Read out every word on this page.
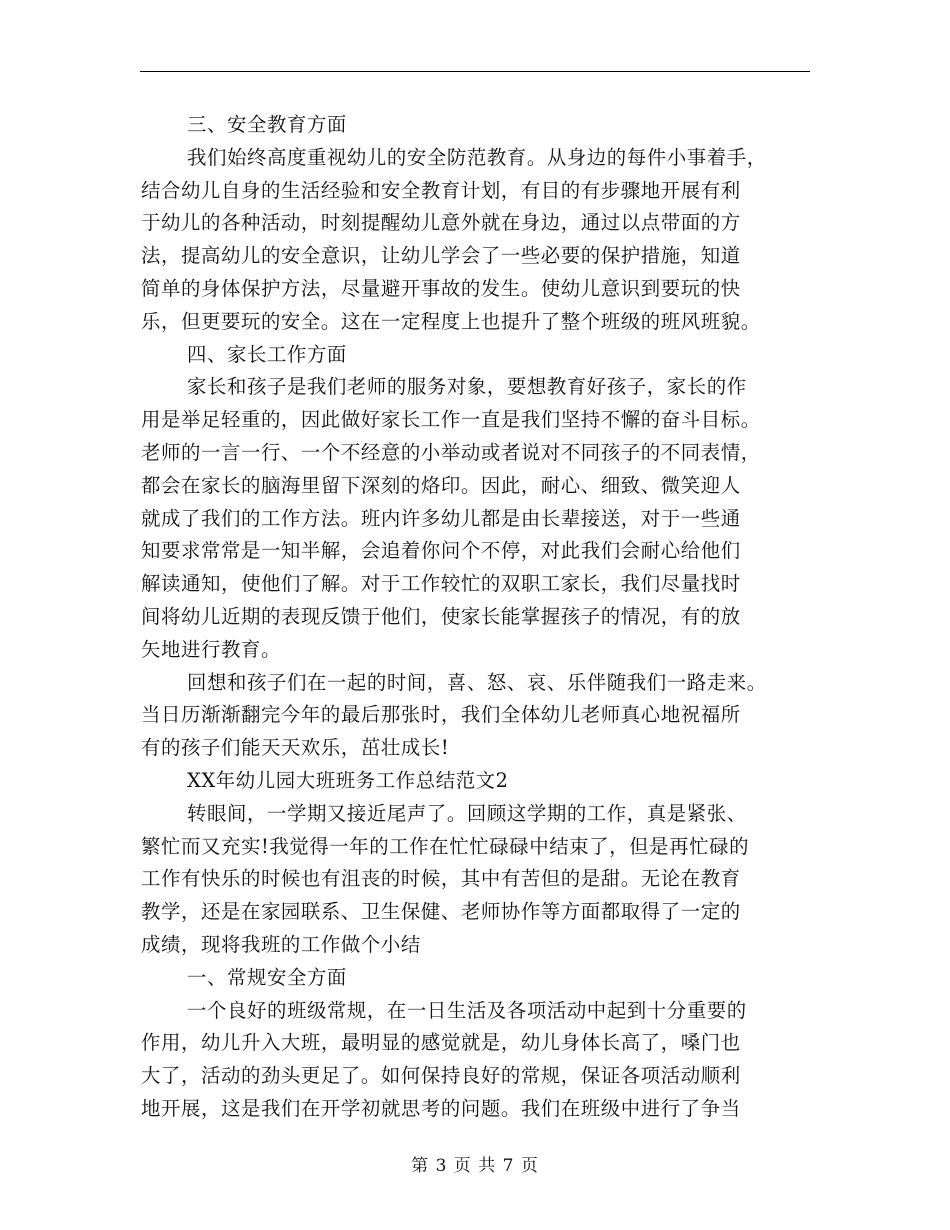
三、安全教育方面
我们始终高度重视幼儿的安全防范教育。从身边的每件小事着手，
结合幼儿自身的生活经验和安全教育计划，有目的有步骤地开展有利
于幼儿的各种活动，时刻提醒幼儿意外就在身边，通过以点带面的方
法，提高幼儿的安全意识，让幼儿学会了一些必要的保护措施，知道
简单的身体保护方法，尽量避开事故的发生。使幼儿意识到要玩的快
乐，但更要玩的安全。这在一定程度上也提升了整个班级的班风班貌。
四、家长工作方面
家长和孩子是我们老师的服务对象，要想教育好孩子，家长的作
用是举足轻重的，因此做好家长工作一直是我们坚持不懈的奋斗目标。
老师的一言一行、一个不经意的小举动或者说对不同孩子的不同表情，
都会在家长的脑海里留下深刻的烙印。因此，耐心、细致、微笑迎人
就成了我们的工作方法。班内许多幼儿都是由长辈接送，对于一些通
知要求常常是一知半解，会追着你问个不停，对此我们会耐心给他们
解读通知，使他们了解。对于工作较忙的双职工家长，我们尽量找时
间将幼儿近期的表现反馈于他们，使家长能掌握孩子的情况，有的放
矢地进行教育。
回想和孩子们在一起的时间，喜、怒、哀、乐伴随我们一路走来。
当日历渐渐翻完今年的最后那张时，我们全体幼儿老师真心地祝福所
有的孩子们能天天欢乐，茁壮成长!
XX年幼儿园大班班务工作总结范文2
转眼间，一学期又接近尾声了。回顾这学期的工作，真是紧张、
繁忙而又充实!我觉得一年的工作在忙忙碌碌中结束了，但是再忙碌的
工作有快乐的时候也有沮丧的时候，其中有苦但的是甜。无论在教育
教学，还是在家园联系、卫生保健、老师协作等方面都取得了一定的
成绩，现将我班的工作做个小结
一、常规安全方面
一个良好的班级常规，在一日生活及各项活动中起到十分重要的
作用，幼儿升入大班，最明显的感觉就是，幼儿身体长高了，嗓门也
大了，活动的劲头更足了。如何保持良好的常规，保证各项活动顺利
地开展，这是我们在开学初就思考的问题。我们在班级中进行了争当
第 3 页 共 7 页
